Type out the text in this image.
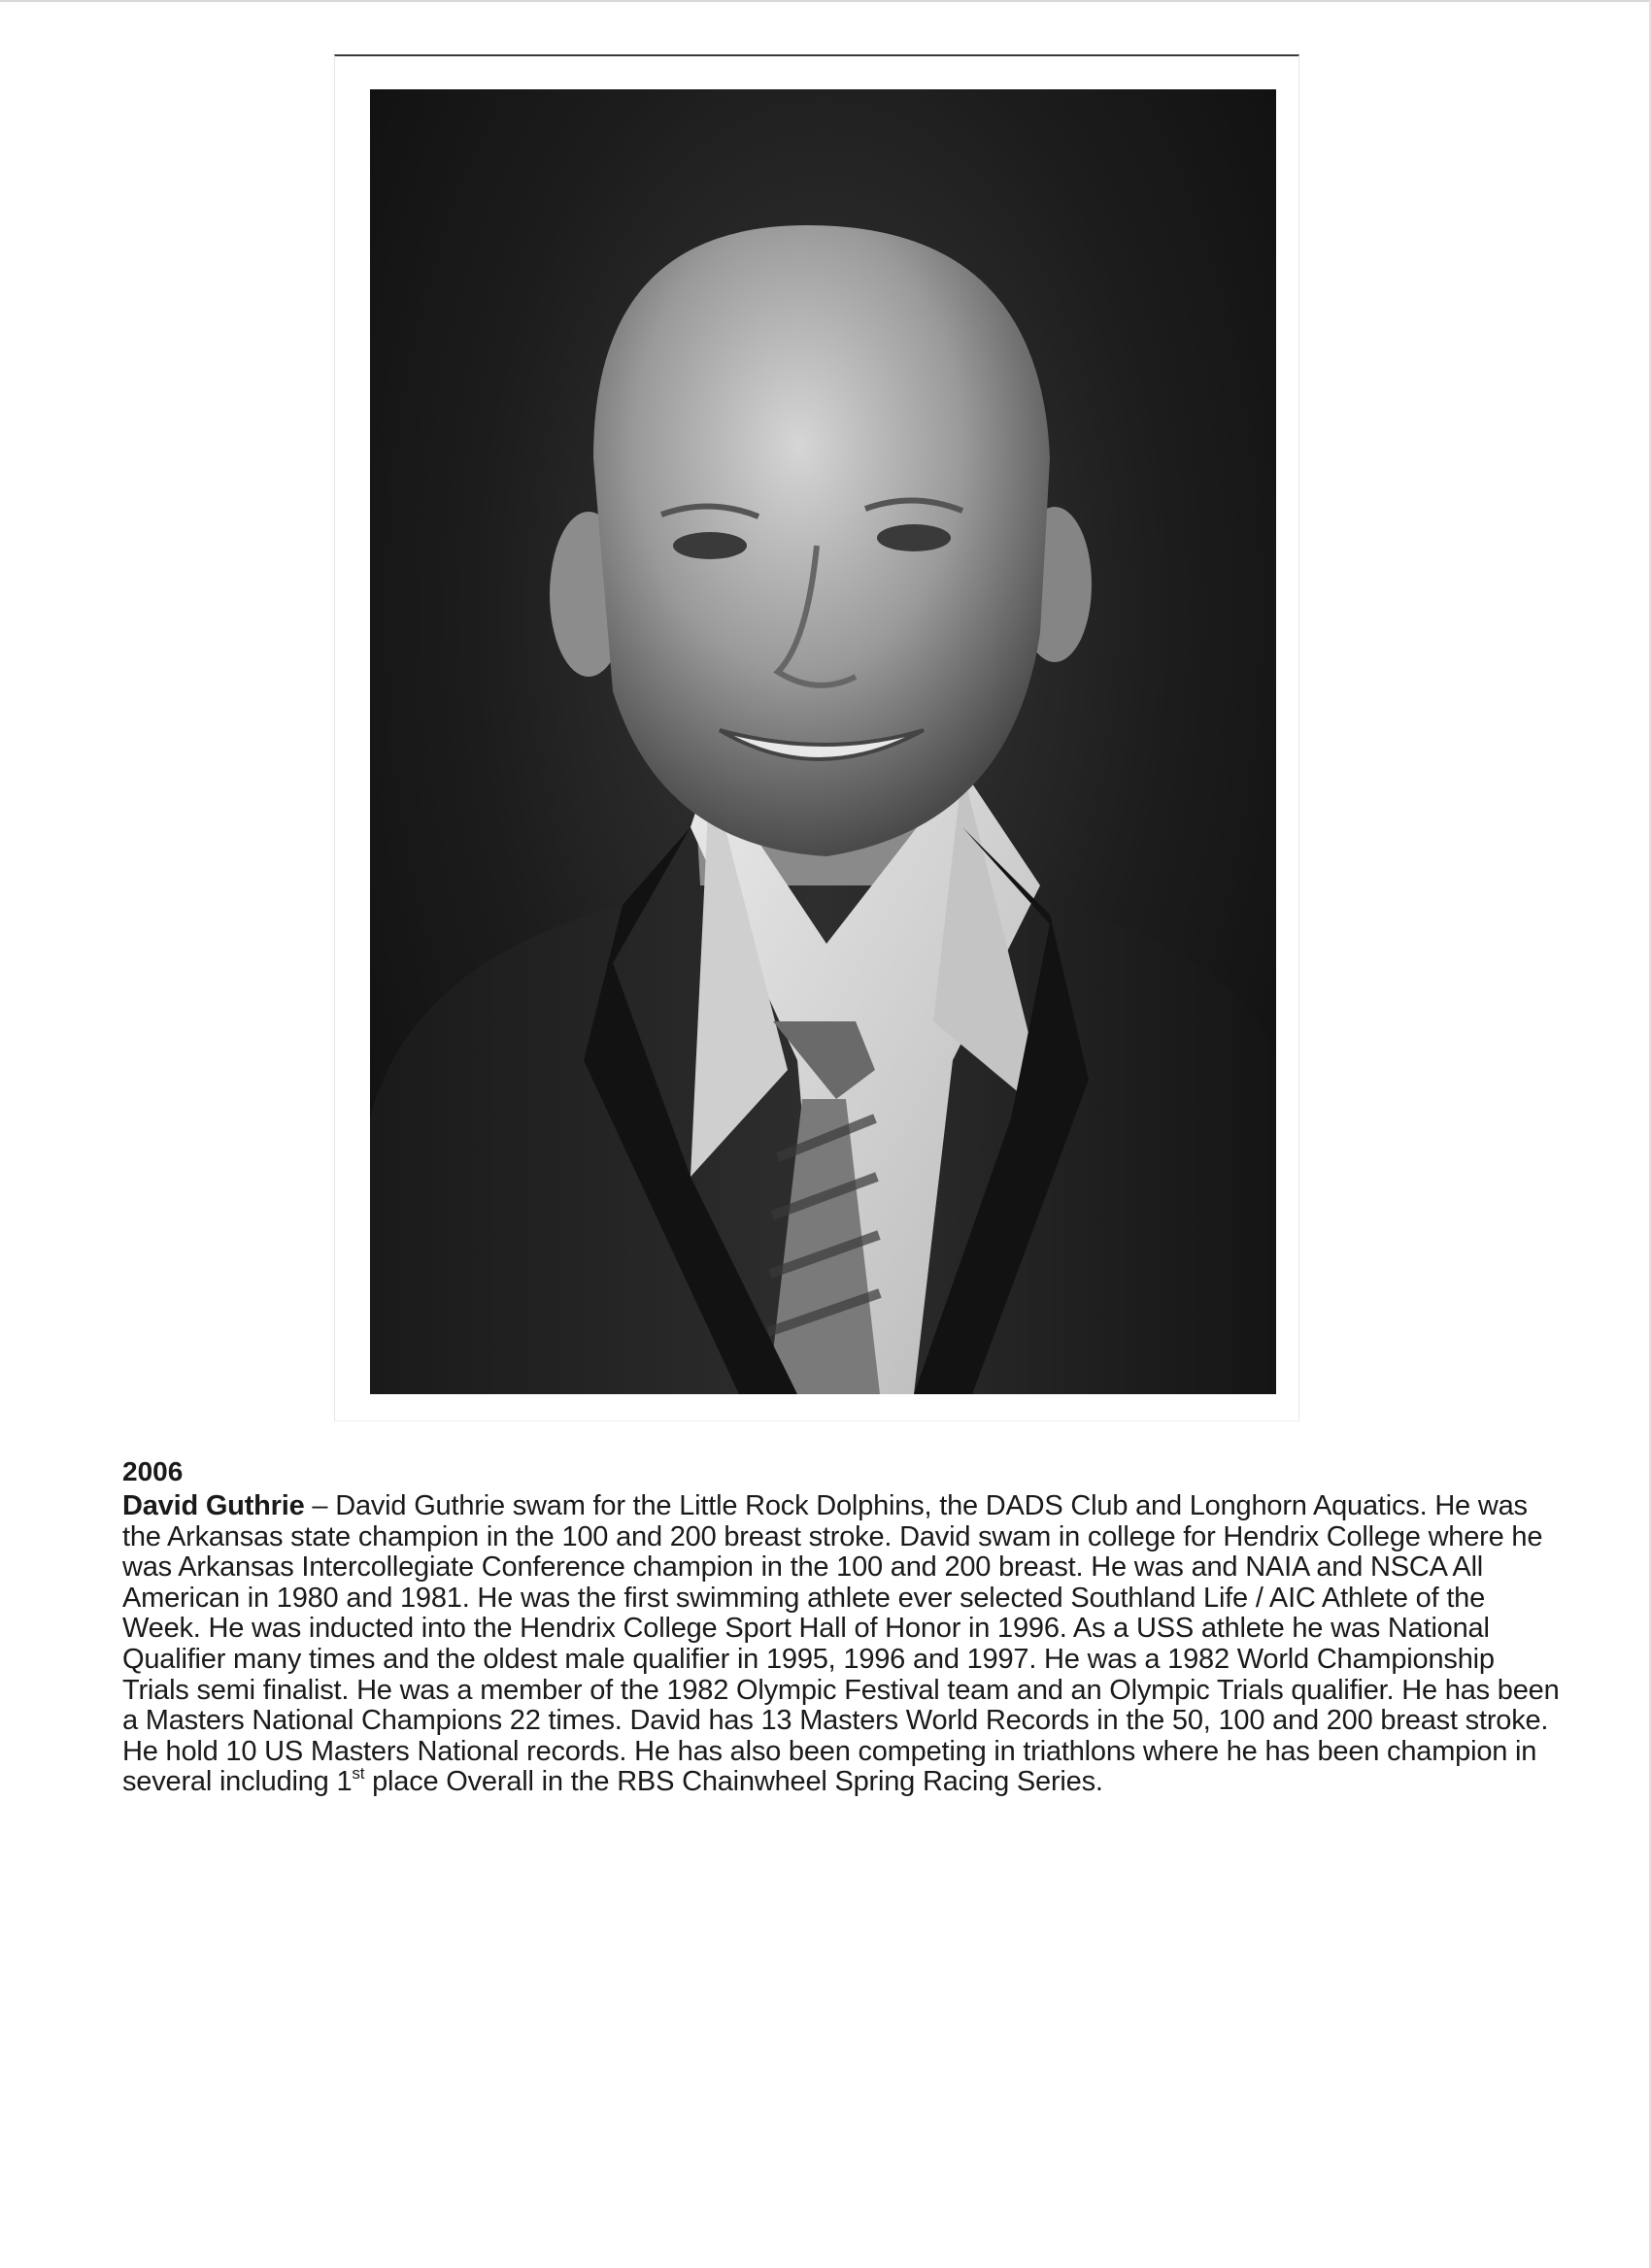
2006

David Guthrie – David Guthrie swam for the Little Rock Dolphins, the DADS Club and Longhorn Aquatics. He was the Arkansas state champion in the 100 and 200 breast stroke. David swam in college for Hendrix College where he was Arkansas Intercollegiate Conference champion in the 100 and 200 breast. He was and NAIA and NSCA All American in 1980 and 1981. He was the first swimming athlete ever selected Southland Life / AIC Athlete of the Week. He was inducted into the Hendrix College Sport Hall of Honor in 1996. As a USS athlete he was National Qualifier many times and the oldest male qualifier in 1995, 1996 and 1997. He was a 1982 World Championship Trials semi finalist. He was a member of the 1982 Olympic Festival team and an Olympic Trials qualifier. He has been a Masters National Champions 22 times. David has 13 Masters World Records in the 50, 100 and 200 breast stroke. He hold 10 US Masters National records. He has also been competing in triathlons where he has been champion in several including 1st place Overall in the RBS Chainwheel Spring Racing Series.
